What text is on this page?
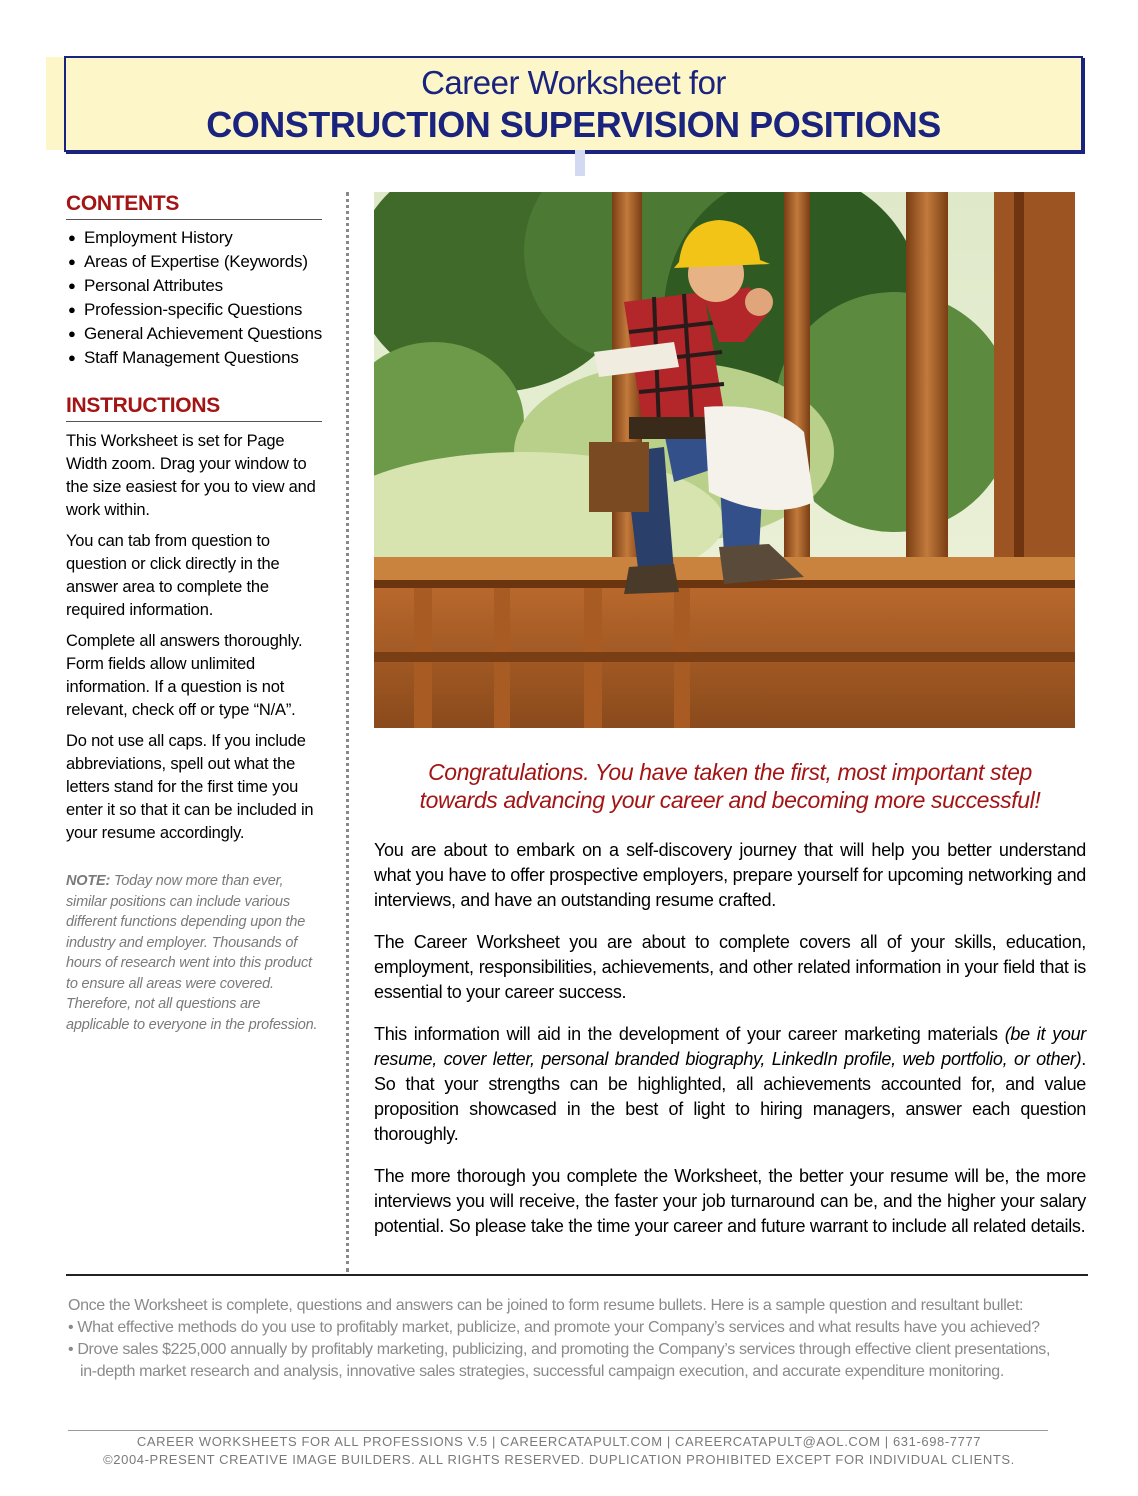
Career Worksheet for
CONSTRUCTION SUPERVISION POSITIONS
CONTENTS
● Employment History
● Areas of Expertise (Keywords)
● Personal Attributes
● Profession-specific Questions
● General Achievement Questions
● Staff Management Questions
INSTRUCTIONS

This Worksheet is set for Page Width zoom. Drag your window to the size easiest for you to view and work within.

You can tab from question to question or click directly in the answer area to complete the required information.

Complete all answers thoroughly. Form fields allow unlimited information. If a question is not relevant, check off or type “N/A”.

Do not use all caps. If you include abbreviations, spell out what the letters stand for the first time you enter it so that it can be included in your resume accordingly.

NOTE: Today now more than ever, similar positions can include various different functions depending upon the industry and employer. Thousands of hours of research went into this product to ensure all areas were covered. Therefore, not all questions are applicable to everyone in the profession.
Congratulations. You have taken the first, most important step
towards advancing your career and becoming more successful!

You are about to embark on a self-discovery journey that will help you better understand what you have to offer prospective employers, prepare yourself for upcoming networking and interviews, and have an outstanding resume crafted.

The Career Worksheet you are about to complete covers all of your skills, education, employment, responsibilities, achievements, and other related information in your field that is essential to your career success.

This information will aid in the development of your career marketing materials (be it your resume, cover letter, personal branded biography, LinkedIn profile, web portfolio, or other). So that your strengths can be highlighted, all achievements accounted for, and value proposition showcased in the best of light to hiring managers, answer each question thoroughly.

The more thorough you complete the Worksheet, the better your resume will be, the more interviews you will receive, the faster your job turnaround can be, and the higher your salary potential. So please take the time your career and future warrant to include all related details.

Once the Worksheet is complete, questions and answers can be joined to form resume bullets. Here is a sample question and resultant bullet:
• What effective methods do you use to profitably market, publicize, and promote your Company’s services and what results have you achieved?
• Drove sales $225,000 annually by profitably marketing, publicizing, and promoting the Company’s services through effective client presentations,
in-depth market research and analysis, innovative sales strategies, successful campaign execution, and accurate expenditure monitoring.
CAREER WORKSHEETS FOR ALL PROFESSIONS V.5 | CAREERCATAPULT.COM | CAREERCATAPULT@AOL.COM | 631-698-7777
©2004-PRESENT CREATIVE IMAGE BUILDERS. ALL RIGHTS RESERVED. DUPLICATION PROHIBITED EXCEPT FOR INDIVIDUAL CLIENTS.
